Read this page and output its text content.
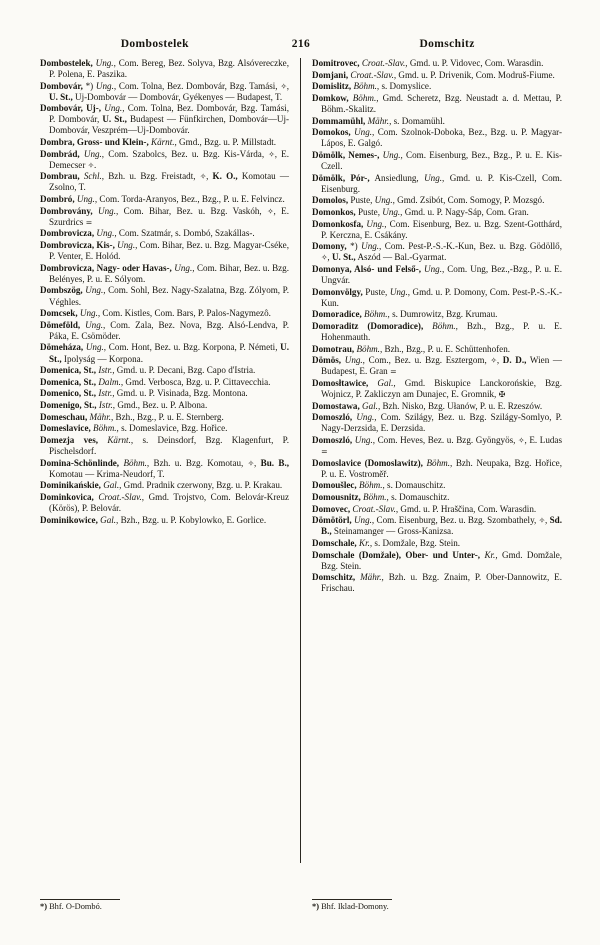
Dombostelek	216	Domschitz

Dombostelek, Ung., Com. Bereg, Bez. Solyva, Bzg. Alsóvereczke, P. Polena, E. Paszika.

Dombovár, *) Ung., Com. Tolna, Bez. Dombovár, Bzg. Tamási, ✧, U. St., Uj-Dombovár — Dombovár, Gyékenyes — Budapest, T.

Dombovár, Uj-, Ung., Com. Tolna, Bez. Dombovár, Bzg. Tamási, P. Dombovár, U. St., Budapest — Fünfkirchen, Dombovár—Uj-Dombovár, Veszprém—Uj-Dombovár.

Dombra, Gross- und Klein-, Kärnt., Gmd., Bzg. u. P. Millstadt.

Dombrád, Ung., Com. Szabolcs, Bez. u. Bzg. Kis-Várda, ✧, E. Demecser ✧.

Dombrau, Schl., Bzh. u. Bzg. Freistadt, ✧, K. O., Komotau — Zsolno, T.

Dombró, Ung., Com. Torda-Aranyos, Bez., Bzg., P. u. E. Felvincz.

Dombrovány, Ung., Com. Bihar, Bez. u. Bzg. Vaskóh, ✧, E. Szurdrics =

Dombrovicza, Ung., Com. Szatmár, s. Dombó, Szakállas-.

Dombrovicza, Kis-, Ung., Com. Bihar, Bez. u. Bzg. Magyar-Cséke, P. Venter, E. Holód.

Dombrovicza, Nagy- oder Havas-, Ung., Com. Bihar, Bez. u. Bzg. Belényes, P. u. E. Sólyom.

Dombszög, Ung., Com. Sohl, Bez. Nagy-Szalatna, Bzg. Zólyom, P. Véghles.

Domcsek, Ung., Com. Kistles, Com. Bars, P. Palos-Nagymezô.

Dömeföld, Ung., Com. Zala, Bez. Nova, Bzg. Alsó-Lendva, P. Páka, E. Csömöder.

Dömeháza, Ung., Com. Hont, Bez. u. Bzg. Korpona, P. Németi, U. St., Ipolyság — Korpona.

Domenica, St., Istr., Gmd. u. P. Decani, Bzg. Capo d'Istria.

Domenica, St., Dalm., Gmd. Verbosca, Bzg. u. P. Cittavecchia.

Domenico, St., Istr., Gmd. u. P. Visinada, Bzg. Montona.

Domenigo, St., Istr., Gmd., Bez. u. P. Albona.

Domeschau, Mähr., Bzh., Bzg., P. u. E. Sternberg.

Domeslavice, Böhm., s. Domeslavice, Bzg. Hořice.

Domezja ves, Kärnt., s. Deinsdorf, Bzg. Klagenfurt, P. Pischelsdorf.

Domina-Schönlinde, Böhm., Bzh. u. Bzg. Komotau, ✧, Bu. B., Komotau — Krima-Neudorf, T.

Dominikańskie, Gal., Gmd. Pradnik czerwony, Bzg. u. P. Krakau.

Dominkovica, Croat.-Slav., Gmd. Trojstvo, Com. Belovár-Kreuz (Körös), P. Belovár.

Dominikowice, Gal., Bzh., Bzg. u. P. Kobylowko, E. Gorlice.

Domitrovec, Croat.-Slav., Gmd. u. P. Vidovec, Com. Warasdin.

Domjani, Croat.-Slav., Gmd. u. P. Drivenik, Com. Modruš-Fiume.

Domislitz, Böhm., s. Domyslice.

Domkow, Böhm., Gmd. Scheretz, Bzg. Neustadt a. d. Mettau, P. Böhm.-Skalitz.

Dommamühl, Mähr., s. Domamühl.

Domokos, Ung., Com. Szolnok-Doboka, Bez., Bzg. u. P. Magyar-Lápos, E. Galgó.

Dömölk, Nemes-, Ung., Com. Eisenburg, Bez., Bzg., P. u. E. Kis-Czell.

Dömölk, Pór-, Ansiedlung, Ung., Gmd. u. P. Kis-Czell, Com. Eisenburg.

Domolos, Puste, Ung., Gmd. Zsibót, Com. Somogy, P. Mozsgó.

Domonkos, Puste, Ung., Gmd. u. P. Nagy-Sáp, Com. Gran.

Domonkosfa, Ung., Com. Eisenburg, Bez. u. Bzg. Szent-Gotthárd, P. Kerczna, E. Csákány.

Domony, *) Ung., Com. Pest-P.-S.-K.-Kun, Bez. u. Bzg. Gödöllő, ✧, U. St., Aszód — Bal.-Gyarmat.

Domonya, Alsó- und Felső-, Ung., Com. Ung, Bez.,-Bzg., P. u. E. Ungvár.

Domonvölgy, Puste, Ung., Gmd. u. P. Domony, Com. Pest-P.-S.-K.-Kun.

Domoradice, Böhm., s. Dumrowitz, Bzg. Krumau.

Domoraditz (Domoradice), Böhm., Bzh., Bzg., P. u. E. Hohenmauth.

Domotrau, Böhm., Bzh., Bzg., P. u. E. Schüttenhofen.

Dömös, Ung., Com., Bez. u. Bzg. Esztergom, ✧, D. D., Wien — Budapest, E. Gran =

Domosłtawice, Gal., Gmd. Biskupice Lanckorońskie, Bzg. Wojnicz, P. Zakliczyn am Dunajec, E. Gromnik, ✠

Domostawa, Gal., Bzh. Nisko, Bzg. Ułanów, P. u. E. Rzeszów.

Domoszló, Ung., Com. Szilágy, Bez. u. Bzg. Szilágy-Somlyo, P. Nagy-Derzsida, E. Derzsida.

Domoszló, Ung., Com. Heves, Bez. u. Bzg. Gyöngyös, ✧, E. Ludas =

Domoslavice (Domoslawitz), Böhm., Bzh. Neupaka, Bzg. Hořice, P. u. E. Vostroměř.

Domoušlec, Böhm., s. Domauschitz.

Domousnitz, Böhm., s. Domauschitz.

Domovec, Croat.-Slav., Gmd. u. P. Hraščina, Com. Warasdin.

Dömötörl, Ung., Com. Eisenburg, Bez. u. Bzg. Szombathely, ✧, Sd. B., Steinamanger — Gross-Kanizsa.

Domschale, Kr., s. Domžale, Bzg. Stein.

Domschale (Domžale), Ober- und Unter-, Kr., Gmd. Domžale, Bzg. Stein.

Domschitz, Mähr., Bzh. u. Bzg. Znaim, P. Ober-Dannowitz, E. Frischau.

*) Bhf. O-Dombó.	*) Bhf. Iklad-Domony.
